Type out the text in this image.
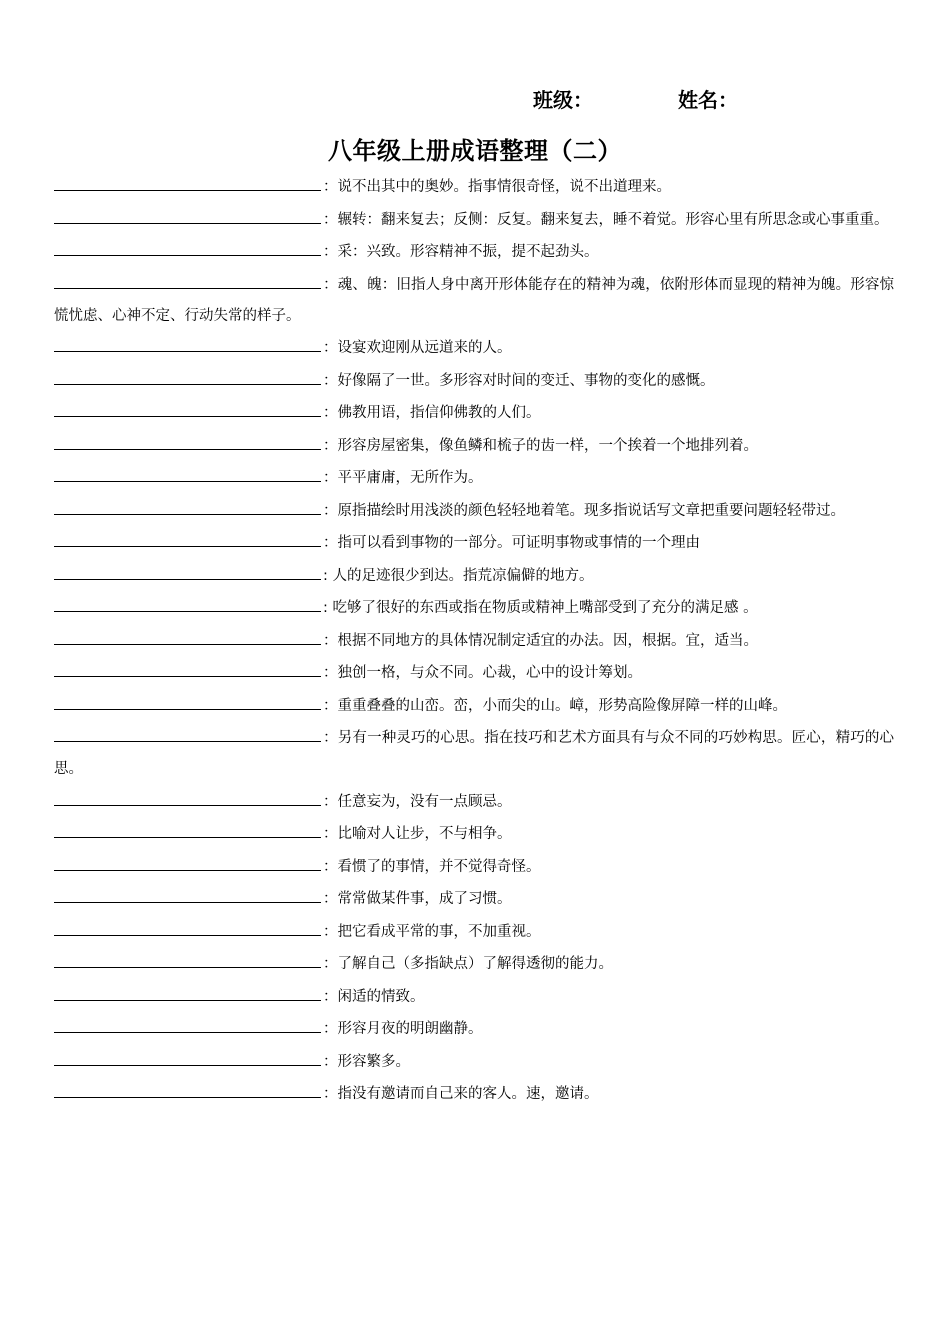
班级：	姓名：
八年级上册成语整理（二）
：说不出其中的奥妙。指事情很奇怪，说不出道理来。
：辗转：翻来复去；反侧：反复。翻来复去，睡不着觉。形容心里有所思念或心事重重。
：采：兴致。形容精神不振，提不起劲头。
：魂、魄：旧指人身中离开形体能存在的精神为魂，依附形体而显现的精神为魄。形容惊慌忧虑、心神不定、行动失常的样子。
：设宴欢迎刚从远道来的人。
：好像隔了一世。多形容对时间的变迁、事物的变化的感慨。
：佛教用语，指信仰佛教的人们。
：形容房屋密集，像鱼鳞和梳子的齿一样，一个挨着一个地排列着。
：平平庸庸，无所作为。
：原指描绘时用浅淡的颜色轻轻地着笔。现多指说话写文章把重要问题轻轻带过。
：指可以看到事物的一部分。可证明事物或事情的一个理由
: 人的足迹很少到达。指荒凉偏僻的地方。
: 吃够了很好的东西或指在物质或精神上嘴部受到了充分的满足感 。
：根据不同地方的具体情况制定适宜的办法。因，根据。宜，适当。
：独创一格，与众不同。心裁，心中的设计筹划。
：重重叠叠的山峦。峦，小而尖的山。嶂，形势高险像屏障一样的山峰。
：另有一种灵巧的心思。指在技巧和艺术方面具有与众不同的巧妙构思。匠心，精巧的心思。
：任意妄为，没有一点顾忌。
：比喻对人让步，不与相争。
：看惯了的事情，并不觉得奇怪。
：常常做某件事，成了习惯。
：把它看成平常的事，不加重视。
：了解自己（多指缺点）了解得透彻的能力。
：闲适的情致。
：形容月夜的明朗幽静。
：形容繁多。
：指没有邀请而自己来的客人。速，邀请。
